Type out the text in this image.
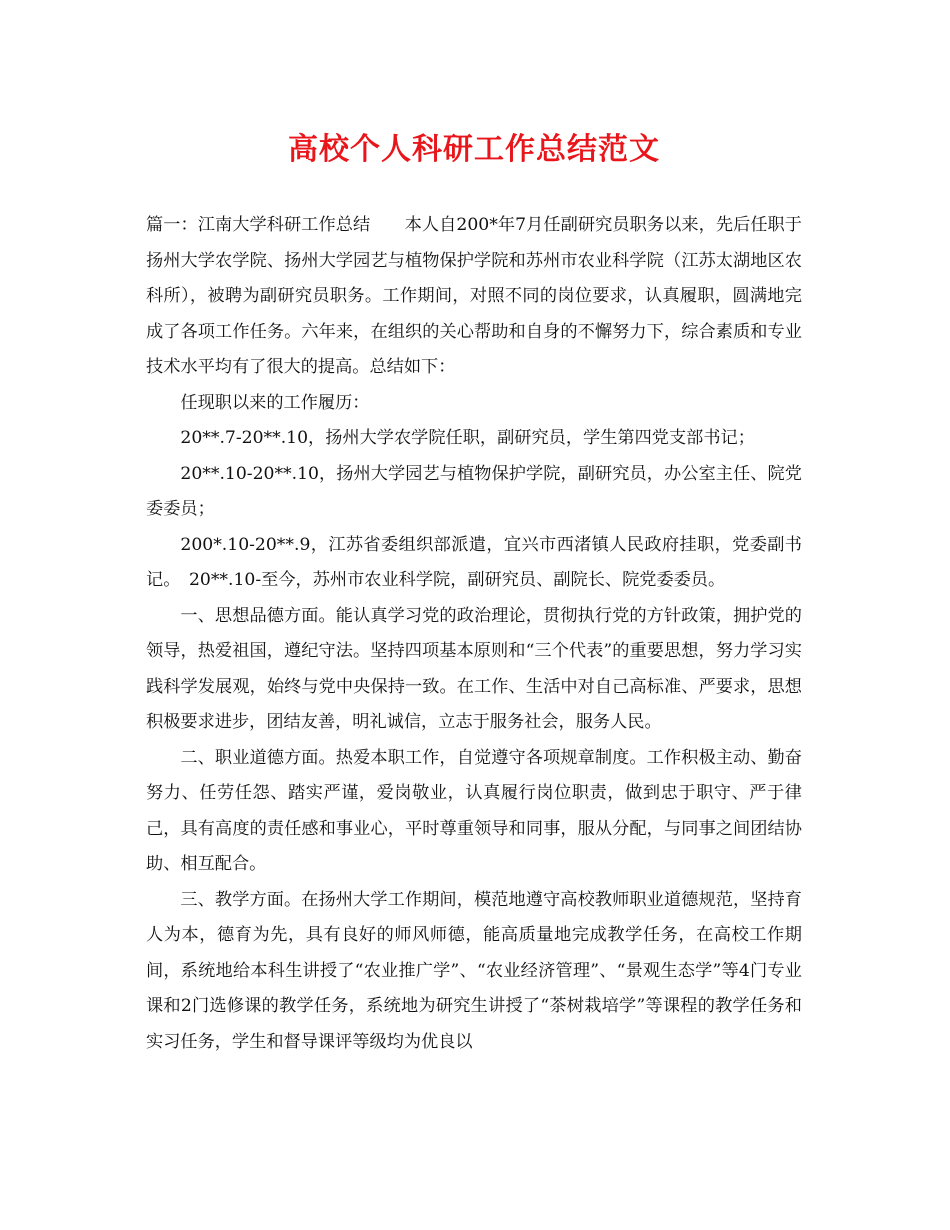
高校个人科研工作总结范文

篇一：江南大学科研工作总结　　本人自200*年7月任副研究员职务以来，先后任职于扬州大学农学院、扬州大学园艺与植物保护学院和苏州市农业科学院（江苏太湖地区农科所），被聘为副研究员职务。工作期间，对照不同的岗位要求，认真履职，圆满地完成了各项工作任务。六年来，在组织的关心帮助和自身的不懈努力下，综合素质和专业技术水平均有了很大的提高。总结如下：

任现职以来的工作履历：

20**.7-20**.10，扬州大学农学院任职，副研究员，学生第四党支部书记；

20**.10-20**.10，扬州大学园艺与植物保护学院，副研究员，办公室主任、院党委委员；

200*.10-20**.9，江苏省委组织部派遣，宜兴市西渚镇人民政府挂职，党委副书记。　20**.10-至今，苏州市农业科学院，副研究员、副院长、院党委委员。

一、思想品德方面。能认真学习党的政治理论，贯彻执行党的方针政策，拥护党的领导，热爱祖国，遵纪守法。坚持四项基本原则和“三个代表”的重要思想，努力学习实践科学发展观，始终与党中央保持一致。在工作、生活中对自己高标准、严要求，思想积极要求进步，团结友善，明礼诚信，立志于服务社会，服务人民。

二、职业道德方面。热爱本职工作，自觉遵守各项规章制度。工作积极主动、勤奋努力、任劳任怨、踏实严谨，爱岗敬业，认真履行岗位职责，做到忠于职守、严于律己，具有高度的责任感和事业心，平时尊重领导和同事，服从分配，与同事之间团结协助、相互配合。

三、教学方面。在扬州大学工作期间，模范地遵守高校教师职业道德规范，坚持育人为本，德育为先，具有良好的师风师德，能高质量地完成教学任务，在高校工作期间，系统地给本科生讲授了“农业推广学”、“农业经济管理”、“景观生态学”等4门专业课和2门选修课的教学任务，系统地为研究生讲授了“茶树栽培学”等课程的教学任务和实习任务，学生和督导课评等级均为优良以
